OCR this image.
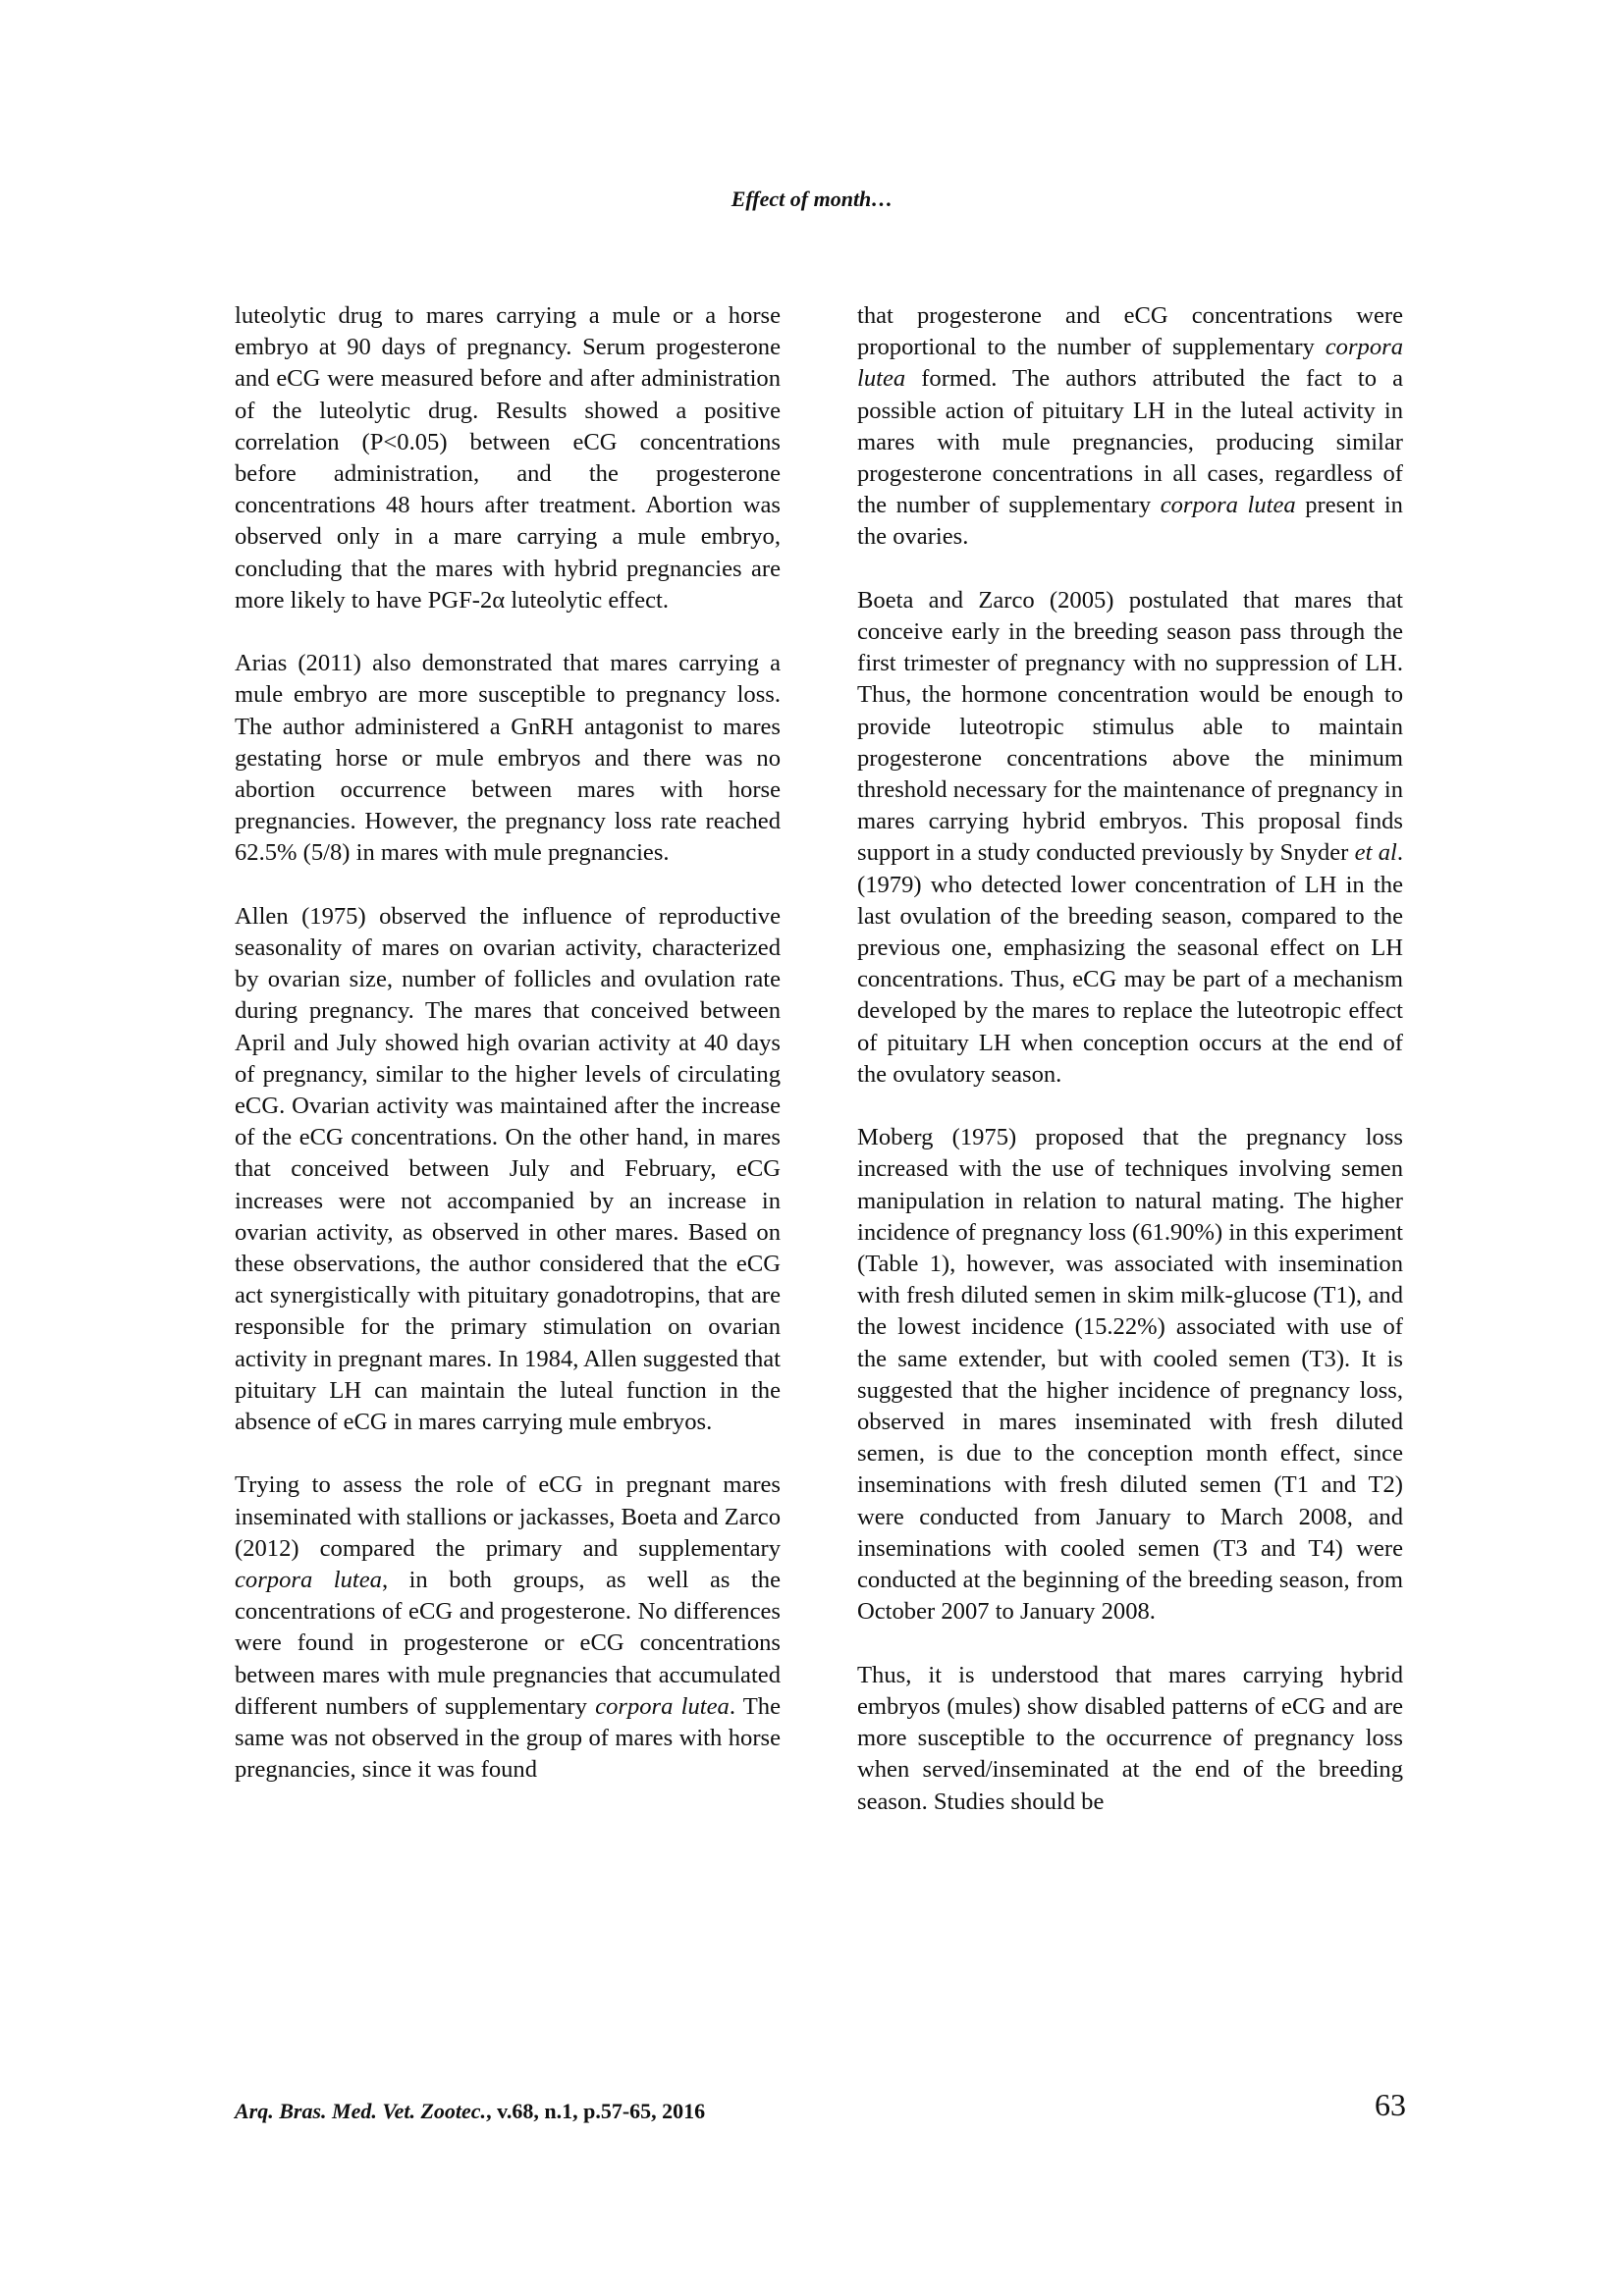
Effect of month…

luteolytic drug to mares carrying a mule or a horse embryo at 90 days of pregnancy. Serum progesterone and eCG were measured before and after administration of the luteolytic drug. Results showed a positive correlation (P<0.05) between eCG concentrations before administration, and the progesterone concentrations 48 hours after treatment. Abortion was observed only in a mare carrying a mule embryo, concluding that the mares with hybrid pregnancies are more likely to have PGF-2α luteolytic effect.

Arias (2011) also demonstrated that mares carrying a mule embryo are more susceptible to pregnancy loss. The author administered a GnRH antagonist to mares gestating horse or mule embryos and there was no abortion occurrence between mares with horse pregnancies. However, the pregnancy loss rate reached 62.5% (5/8) in mares with mule pregnancies.

Allen (1975) observed the influence of reproductive seasonality of mares on ovarian activity, characterized by ovarian size, number of follicles and ovulation rate during pregnancy. The mares that conceived between April and July showed high ovarian activity at 40 days of pregnancy, similar to the higher levels of circulating eCG. Ovarian activity was maintained after the increase of the eCG concentrations. On the other hand, in mares that conceived between July and February, eCG increases were not accompanied by an increase in ovarian activity, as observed in other mares. Based on these observations, the author considered that the eCG act synergistically with pituitary gonadotropins, that are responsible for the primary stimulation on ovarian activity in pregnant mares. In 1984, Allen suggested that pituitary LH can maintain the luteal function in the absence of eCG in mares carrying mule embryos.

Trying to assess the role of eCG in pregnant mares inseminated with stallions or jackasses, Boeta and Zarco (2012) compared the primary and supplementary corpora lutea, in both groups, as well as the concentrations of eCG and progesterone. No differences were found in progesterone or eCG concentrations between mares with mule pregnancies that accumulated different numbers of supplementary corpora lutea. The same was not observed in the group of mares with horse pregnancies, since it was found

that progesterone and eCG concentrations were proportional to the number of supplementary corpora lutea formed. The authors attributed the fact to a possible action of pituitary LH in the luteal activity in mares with mule pregnancies, producing similar progesterone concentrations in all cases, regardless of the number of supplementary corpora lutea present in the ovaries.

Boeta and Zarco (2005) postulated that mares that conceive early in the breeding season pass through the first trimester of pregnancy with no suppression of LH. Thus, the hormone concentration would be enough to provide luteotropic stimulus able to maintain progesterone concentrations above the minimum threshold necessary for the maintenance of pregnancy in mares carrying hybrid embryos. This proposal finds support in a study conducted previously by Snyder et al. (1979) who detected lower concentration of LH in the last ovulation of the breeding season, compared to the previous one, emphasizing the seasonal effect on LH concentrations. Thus, eCG may be part of a mechanism developed by the mares to replace the luteotropic effect of pituitary LH when conception occurs at the end of the ovulatory season.

Moberg (1975) proposed that the pregnancy loss increased with the use of techniques involving semen manipulation in relation to natural mating. The higher incidence of pregnancy loss (61.90%) in this experiment (Table 1), however, was associated with insemination with fresh diluted semen in skim milk-glucose (T1), and the lowest incidence (15.22%) associated with use of the same extender, but with cooled semen (T3). It is suggested that the higher incidence of pregnancy loss, observed in mares inseminated with fresh diluted semen, is due to the conception month effect, since inseminations with fresh diluted semen (T1 and T2) were conducted from January to March 2008, and inseminations with cooled semen (T3 and T4) were conducted at the beginning of the breeding season, from October 2007 to January 2008.

Thus, it is understood that mares carrying hybrid embryos (mules) show disabled patterns of eCG and are more susceptible to the occurrence of pregnancy loss when served/inseminated at the end of the breeding season. Studies should be

Arq. Bras. Med. Vet. Zootec., v.68, n.1, p.57-65, 2016	63
